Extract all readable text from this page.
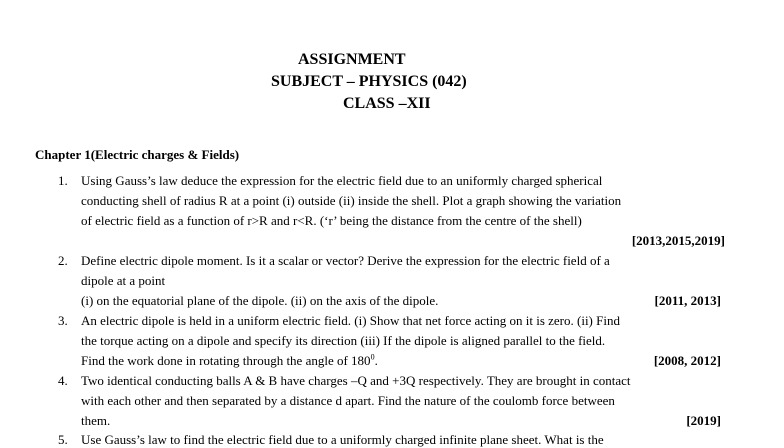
ASSIGNMENT
SUBJECT – PHYSICS (042)
CLASS –XII
Chapter 1(Electric charges & Fields)
1. Using Gauss’s law deduce the expression for the electric field due to an uniformly charged spherical
conducting shell of radius R at a point (i) outside (ii) inside the shell. Plot a graph showing the variation
of electric field as a function of r>R and r<R. (‘r’ being the distance from the centre of the shell)
[2013,2015,2019]
2. Define electric dipole moment. Is it a scalar or vector? Derive the expression for the electric field of a
dipole at a point
(i) on the equatorial plane of the dipole. (ii) on the axis of the dipole.	[2011, 2013]
3. An electric dipole is held in a uniform electric field. (i) Show that net force acting on it is zero. (ii) Find
the torque acting on a dipole and specify its direction (iii) If the dipole is aligned parallel to the field.
Find the work done in rotating through the angle of $180^0$.	[2008, 2012]
4. Two identical conducting balls A & B have charges –Q and +3Q respectively. They are brought in contact
with each other and then separated by a distance d apart. Find the nature of the coulomb force between
them.	[2019]
5. Use Gauss’s law to find the electric field due to a uniformly charged infinite plane sheet. What is the
